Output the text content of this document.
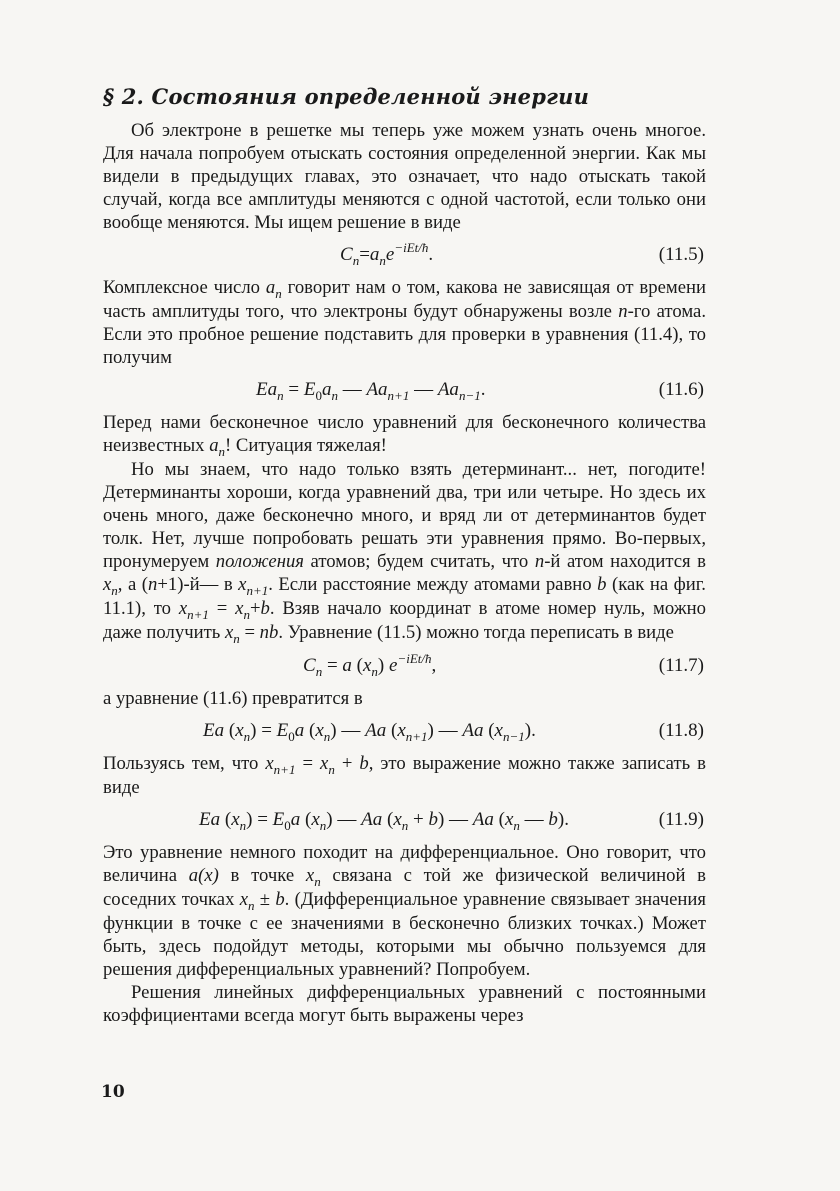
§ 2. Состояния определенной энергии

Об электроне в решетке мы теперь уже можем узнать очень многое. Для начала попробуем отыскать состояния определенной энергии. Как мы видели в предыдущих главах, это означает, что надо отыскать такой случай, когда все амплитуды меняются с одной частотой, если только они вообще меняются. Мы ищем решение в виде

$C_n=a_ne^{-iEt/ħ}$.	(11.5)

Комплексное число $a_n$ говорит нам о том, какова не зависящая от времени часть амплитуды того, что электроны будут обнаружены возле n-го атома. Если это пробное решение подставить для проверки в уравнения (11.4), то получим

$Ea_n = E_0a_n$ — $Aa_{n+1}$ — $Aa_{n-1}$.	(11.6)

Перед нами бесконечное число уравнений для бесконечного количества неизвестных $a_n$! Ситуация тяжелая!

Но мы знаем, что надо только взять детерминант... нет, погодите! Детерминанты хороши, когда уравнений два, три или четыре. Но здесь их очень много, даже бесконечно много, и вряд ли от детерминантов будет толк. Нет, лучше попробовать решать эти уравнения прямо. Во-первых, пронумеруем положения атомов; будем считать, что n-й атом находится в $x_n$, а (n+1)-й— в $x_{n+1}$. Если расстояние между атомами равно b (как на фиг. 11.1), то $x_{n+1} = x_n+b$. Взяв начало координат в атоме номер нуль, можно даже получить $x_n$ = nb. Уравнение (11.5) можно тогда переписать в виде

$C_n = a$ $(x_n)$ $e^{-iEt/ħ}$,	(11.7)

а уравнение (11.6) превратится в

Ea $(x_n) = E_0a$ $(x_n)$ — Aa $(x_{n+1})$ — Aa $(x_{n-1})$.	(11.8)

Пользуясь тем, что $x_{n+1} = x_n + b$, это выражение можно также записать в виде

Ea $(x_n) = E_0a$ $(x_n)$ — Aa $(x_n + b)$ — Aa ($x_n$ — b).	(11.9)

Это уравнение немного походит на дифференциальное. Оно говорит, что величина a(x) в точке $x_n$ связана с той же физической величиной в соседних точках $x_n \pm b$. (Дифференциальное уравнение связывает значения функции в точке с ее значениями в бесконечно близких точках.) Может быть, здесь подойдут методы, которыми мы обычно пользуемся для решения дифференциальных уравнений? Попробуем.

Решения линейных дифференциальных уравнений с постоянными коэффициентами всегда могут быть выражены через

10
